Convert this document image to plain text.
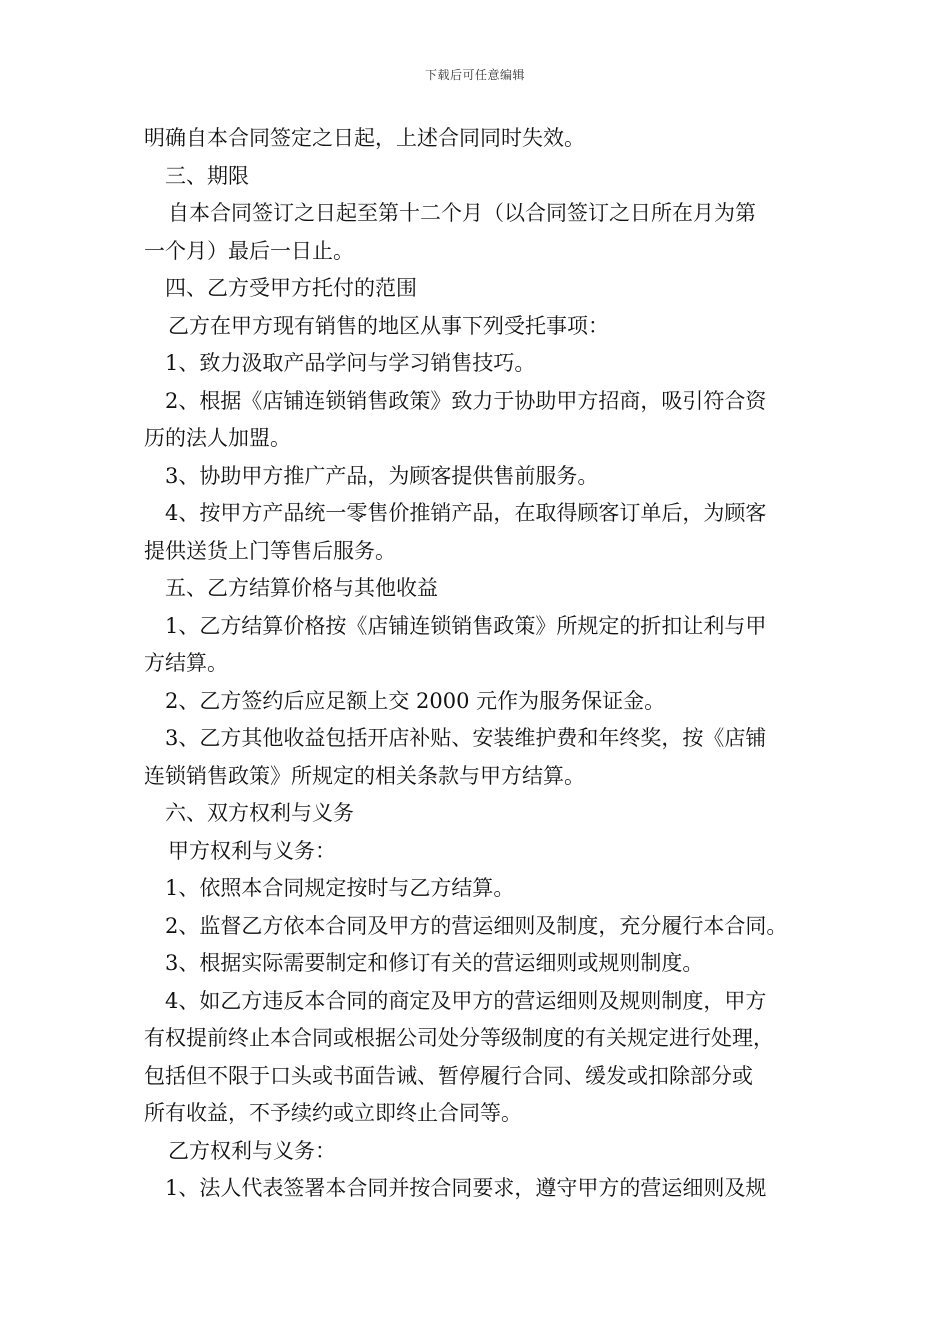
下载后可任意编辑
明确自本合同签定之日起，上述合同同时失效。
三、期限
自本合同签订之日起至第十二个月（以合同签订之日所在月为第
一个月）最后一日止。
四、乙方受甲方托付的范围
乙方在甲方现有销售的地区从事下列受托事项：
1、致力汲取产品学问与学习销售技巧。
2、根据《店铺连锁销售政策》致力于协助甲方招商，吸引符合资
历的法人加盟。
3、协助甲方推广产品，为顾客提供售前服务。
4、按甲方产品统一零售价推销产品，在取得顾客订单后，为顾客
提供送货上门等售后服务。
五、乙方结算价格与其他收益
1、乙方结算价格按《店铺连锁销售政策》所规定的折扣让利与甲
方结算。
2、乙方签约后应足额上交 2000 元作为服务保证金。
3、乙方其他收益包括开店补贴、安装维护费和年终奖，按《店铺
连锁销售政策》所规定的相关条款与甲方结算。
六、双方权利与义务
甲方权利与义务：
1、依照本合同规定按时与乙方结算。
2、监督乙方依本合同及甲方的营运细则及制度，充分履行本合同。
3、根据实际需要制定和修订有关的营运细则或规则制度。
4、如乙方违反本合同的商定及甲方的营运细则及规则制度，甲方
有权提前终止本合同或根据公司处分等级制度的有关规定进行处理，
包括但不限于口头或书面告诫、暂停履行合同、缓发或扣除部分或
所有收益，不予续约或立即终止合同等。
乙方权利与义务：
1、法人代表签署本合同并按合同要求，遵守甲方的营运细则及规
